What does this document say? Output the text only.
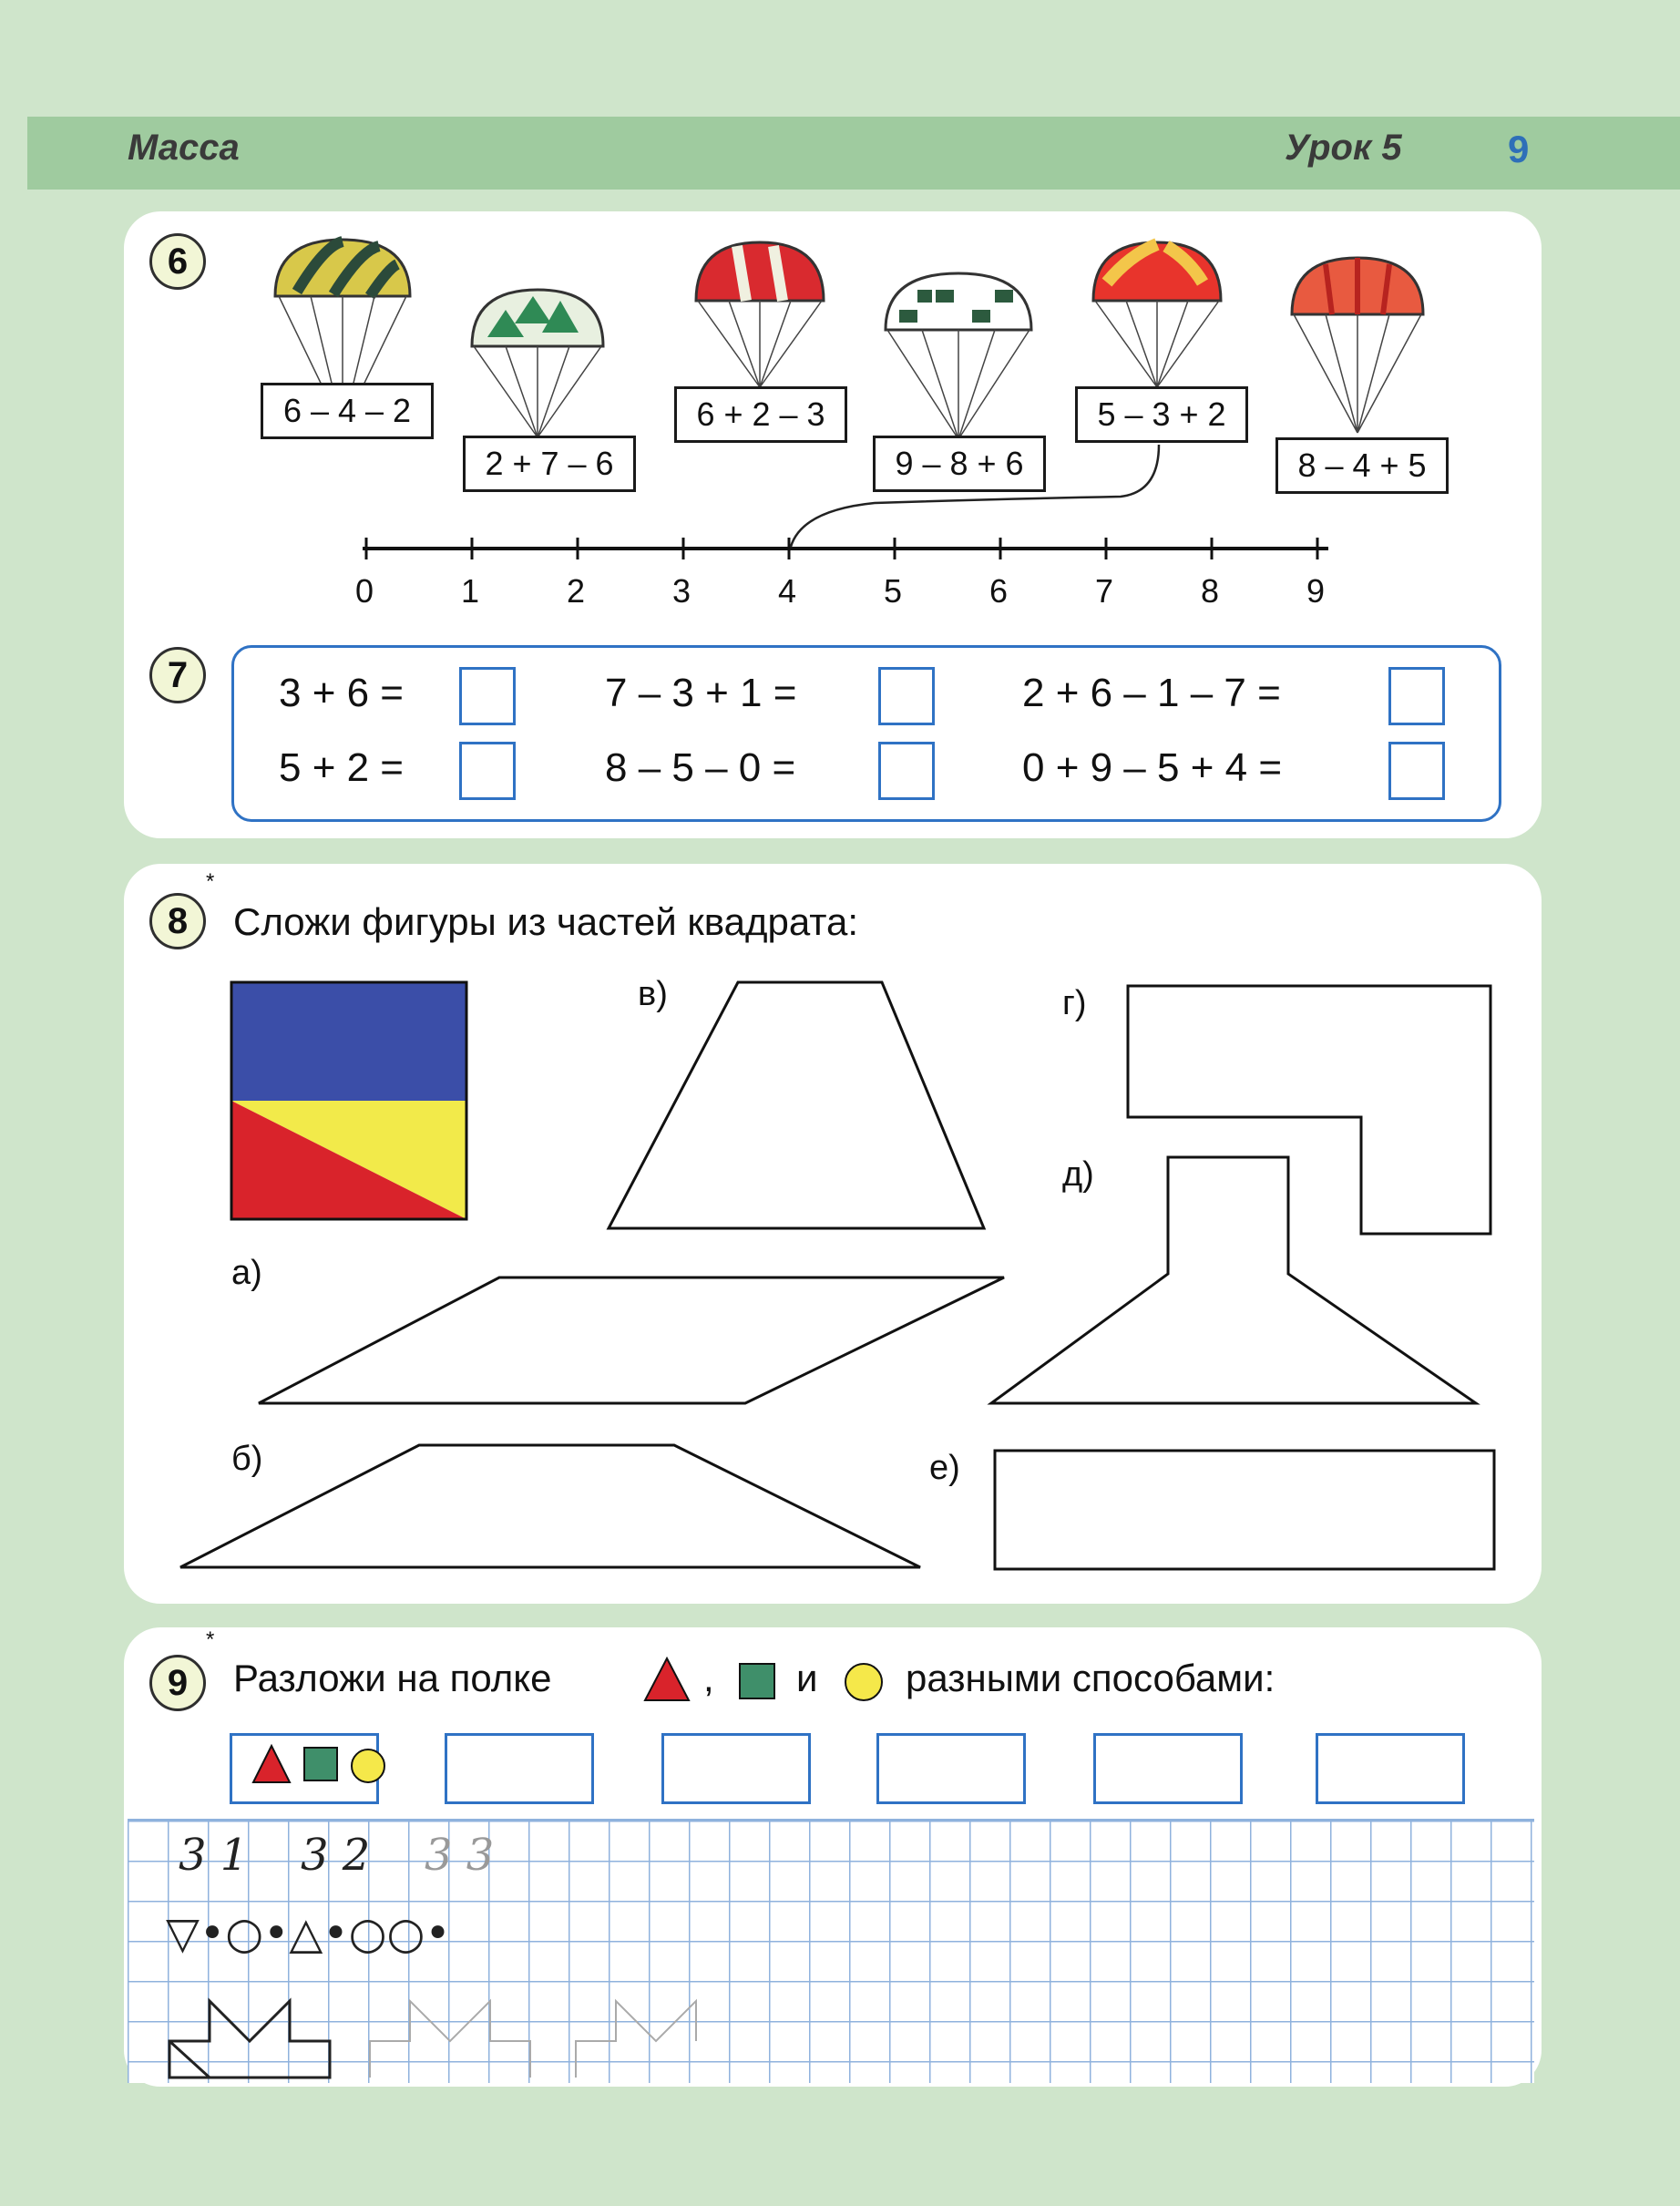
Масса	Урок 5	9
6
6 – 4 – 2
2 + 7 – 6
6 + 2 – 3
9 – 8 + 6
5 – 3 + 2
8 – 4 + 5
0	1	2	3	4	5	6	7	8	9
7	3 + 6 =	7 – 3 + 1 =	2 + 6 – 1 – 7 =
5 + 2 =	8 – 5 – 0 =	0 + 9 – 5 + 4 =
8
*
Сложи фигуры из частей квадрата:
а)
б)
в)	г)
д)
е)
9
*
Разложи на полке	, и разными способами:
3 1 3 2 3 3
▽•○•△•○○•
